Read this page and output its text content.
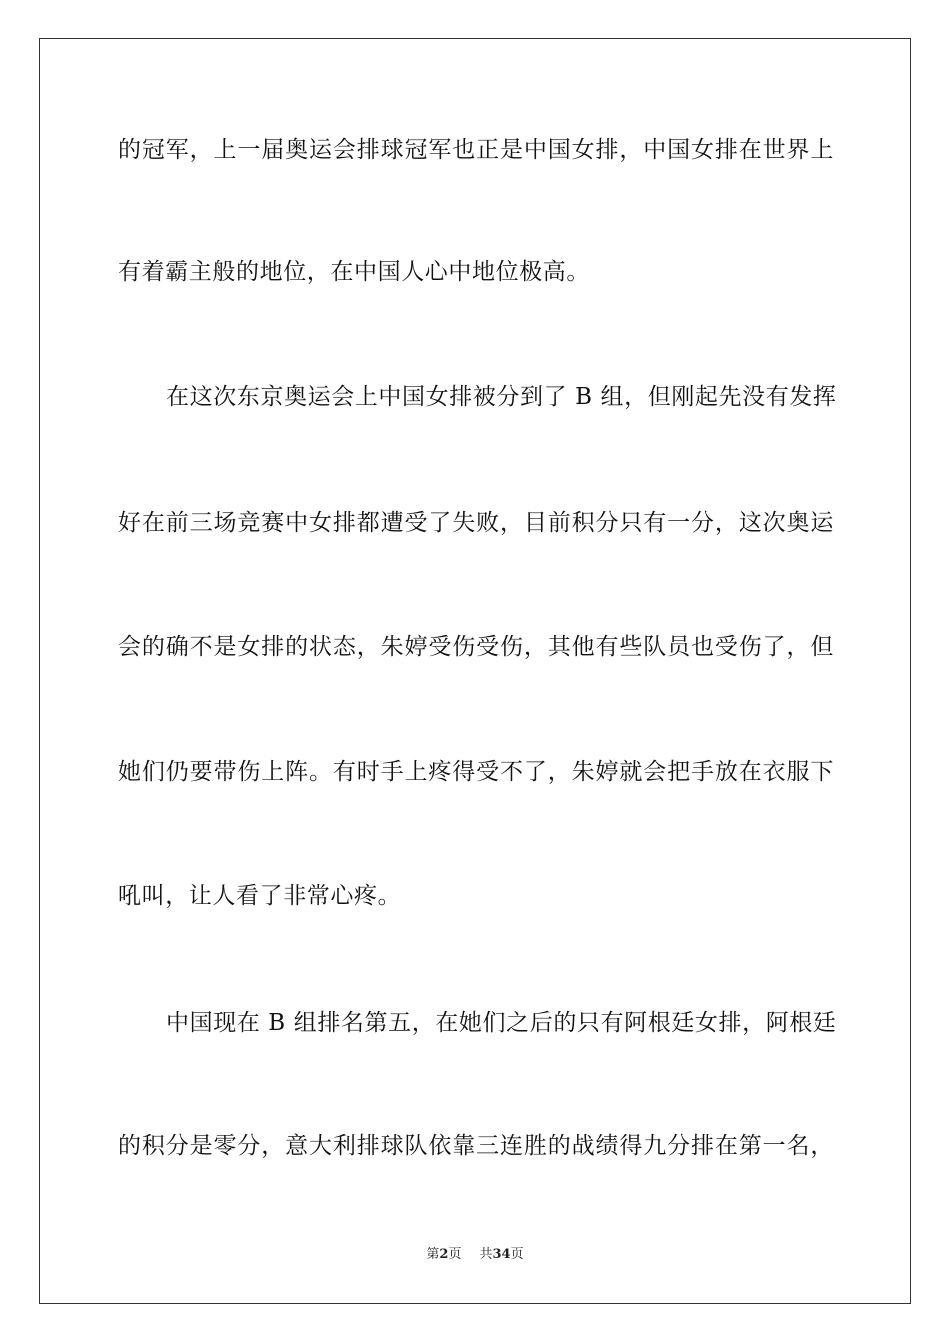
的冠军，上一届奥运会排球冠军也正是中国女排，中国女排在世界上
有着霸主般的地位，在中国人心中地位极高。
在这次东京奥运会上中国女排被分到了 B 组，但刚起先没有发挥
好在前三场竞赛中女排都遭受了失败，目前积分只有一分，这次奥运
会的确不是女排的状态，朱婷受伤受伤，其他有些队员也受伤了，但
她们仍要带伤上阵。有时手上疼得受不了，朱婷就会把手放在衣服下
吼叫，让人看了非常心疼。
中国现在 B 组排名第五，在她们之后的只有阿根廷女排，阿根廷
的积分是零分，意大利排球队依靠三连胜的战绩得九分排在第一名，
第2页 共34页
